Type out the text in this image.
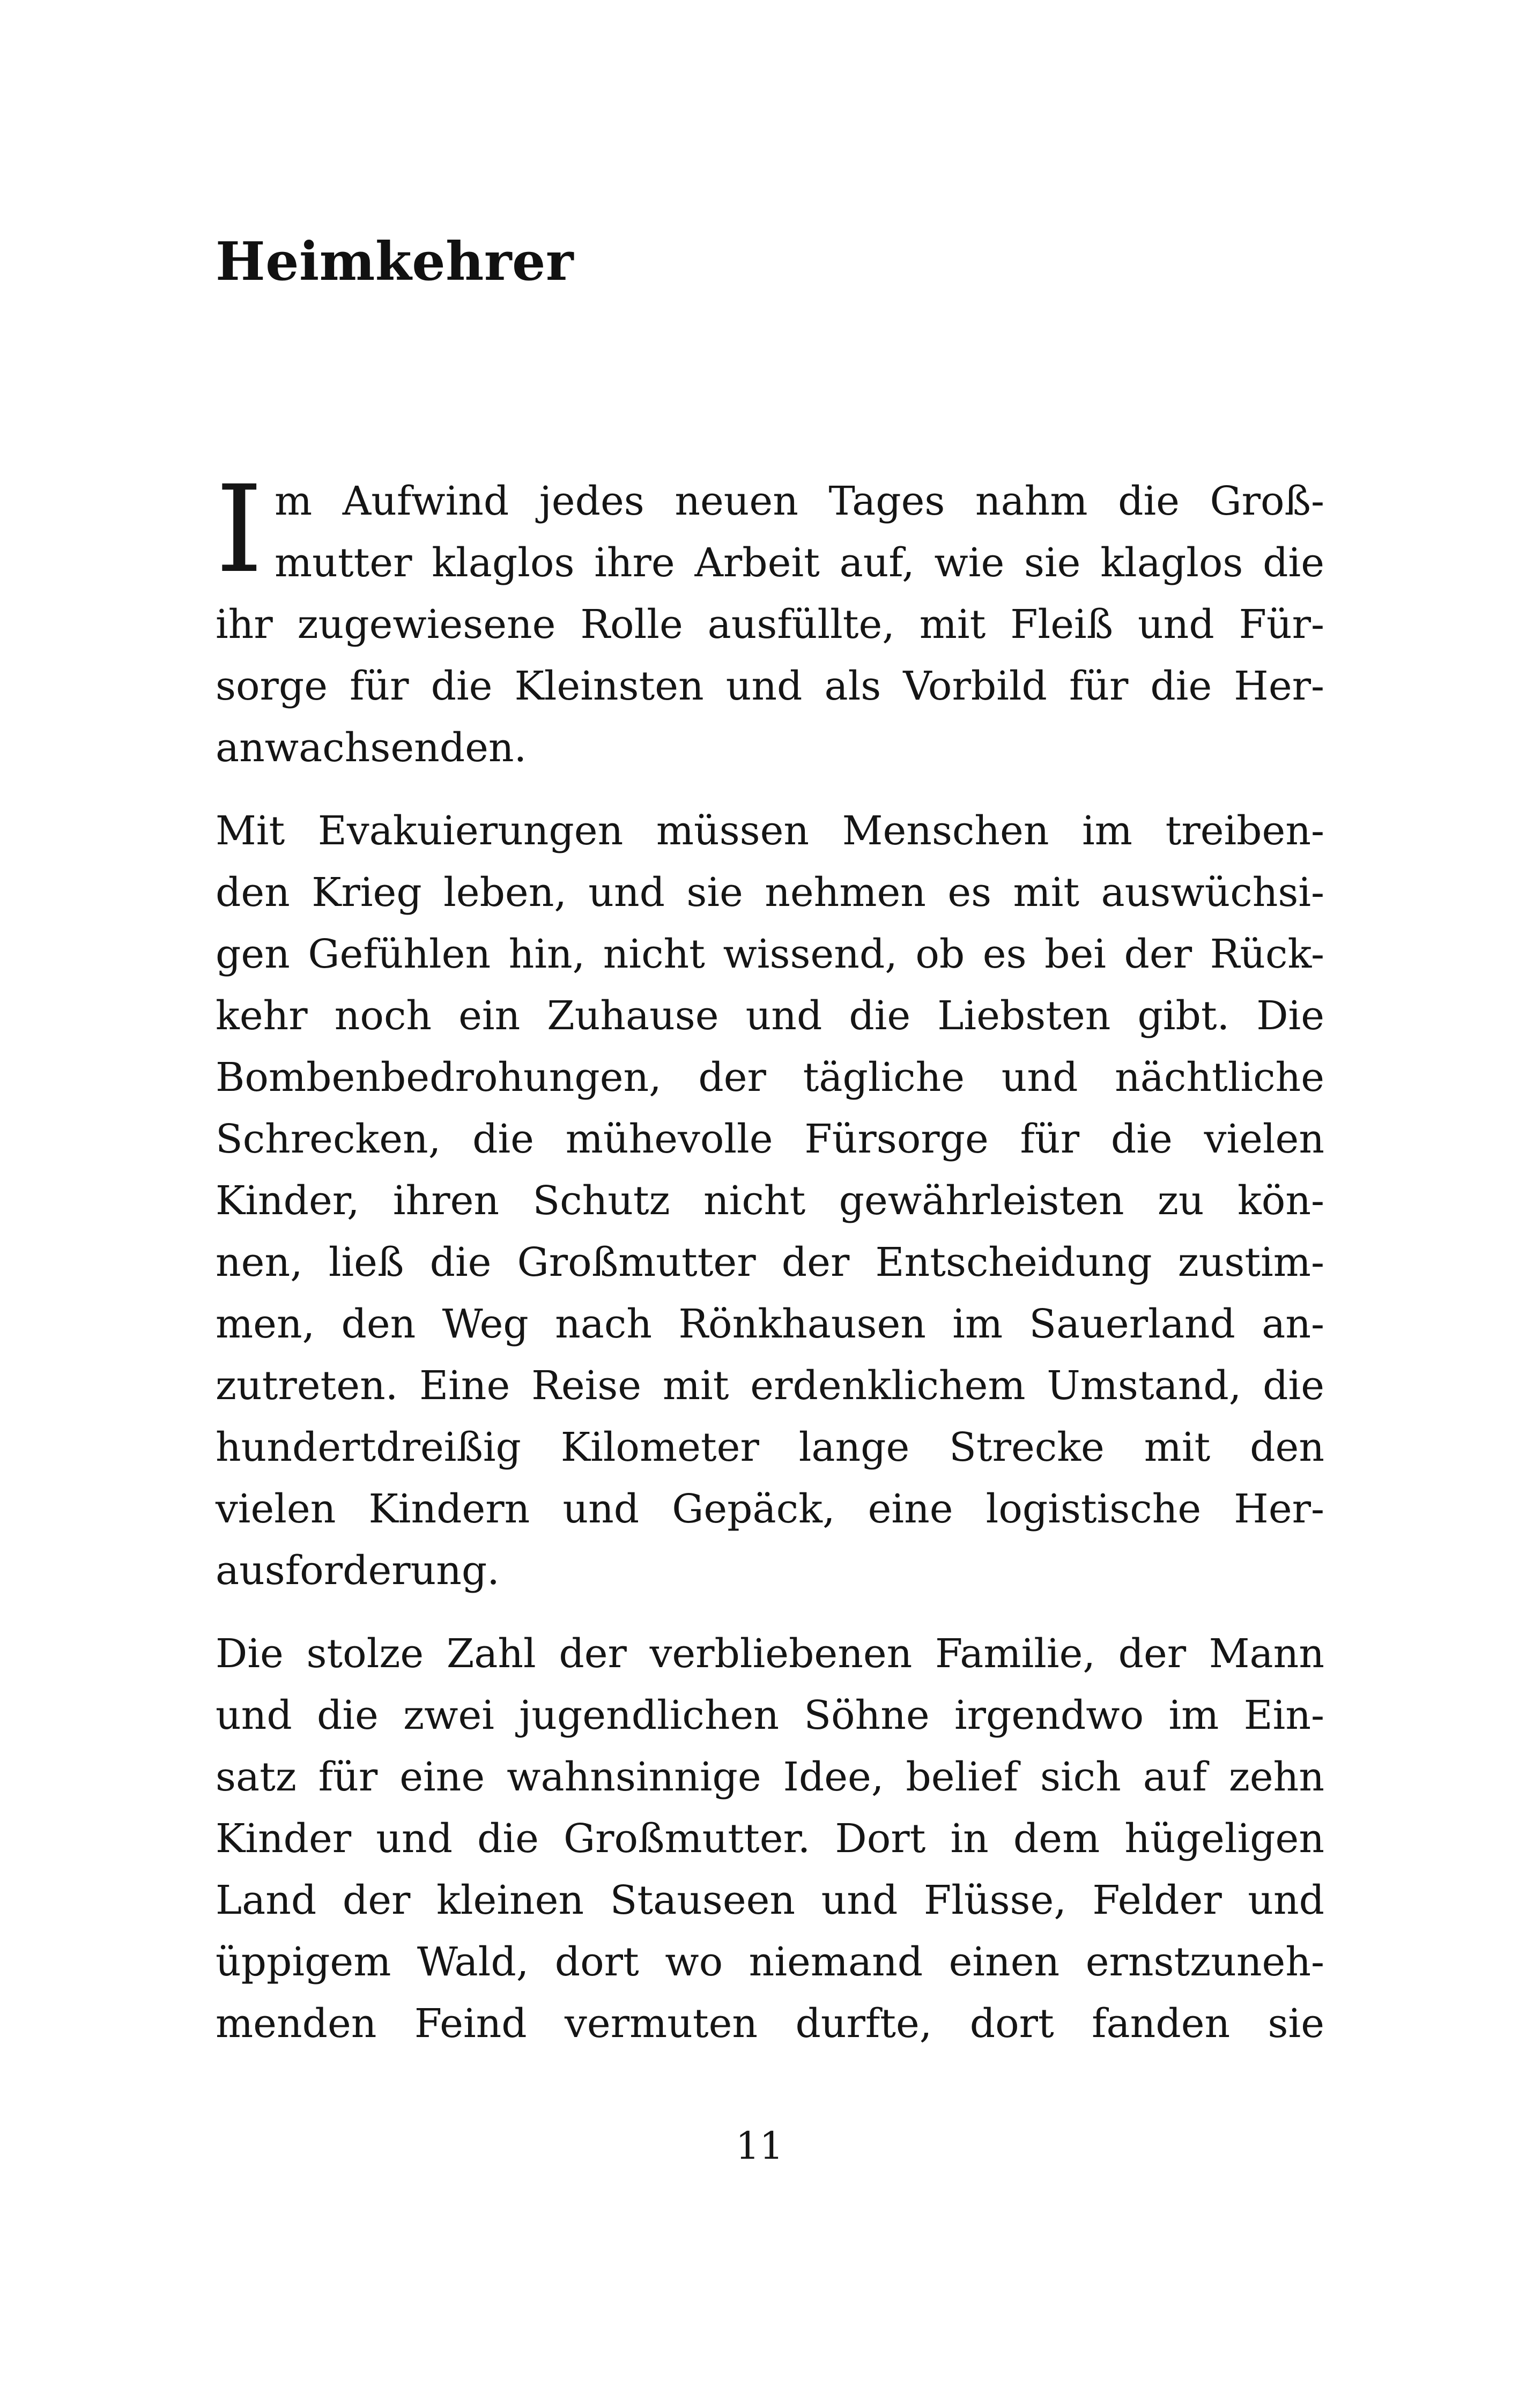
Heimkehrer
I m Aufwind jedes neuen Tages nahm die Groß-
mutter klaglos ihre Arbeit auf, wie sie klaglos die
ihr zugewiesene Rolle ausfüllte, mit Fleiß und Für-
sorge für die Kleinsten und als Vorbild für die Her-
anwachsenden.
Mit Evakuierungen müssen Menschen im treiben-
den Krieg leben, und sie nehmen es mit auswüchsi-
gen Gefühlen hin, nicht wissend, ob es bei der Rück-
kehr noch ein Zuhause und die Liebsten gibt. Die
Bombenbedrohungen, der tägliche und nächtliche
Schrecken, die mühevolle Fürsorge für die vielen
Kinder, ihren Schutz nicht gewährleisten zu kön-
nen, ließ die Großmutter der Entscheidung zustim-
men, den Weg nach Rönkhausen im Sauerland an-
zutreten. Eine Reise mit erdenklichem Umstand, die
hundertdreißig Kilometer lange Strecke mit den
vielen Kindern und Gepäck, eine logistische Her-
ausforderung.
Die stolze Zahl der verbliebenen Familie, der Mann
und die zwei jugendlichen Söhne irgendwo im Ein-
satz für eine wahnsinnige Idee, belief sich auf zehn
Kinder und die Großmutter. Dort in dem hügeligen
Land der kleinen Stauseen und Flüsse, Felder und
üppigem Wald, dort wo niemand einen ernstzuneh-
menden Feind vermuten durfte, dort fanden sie
11
